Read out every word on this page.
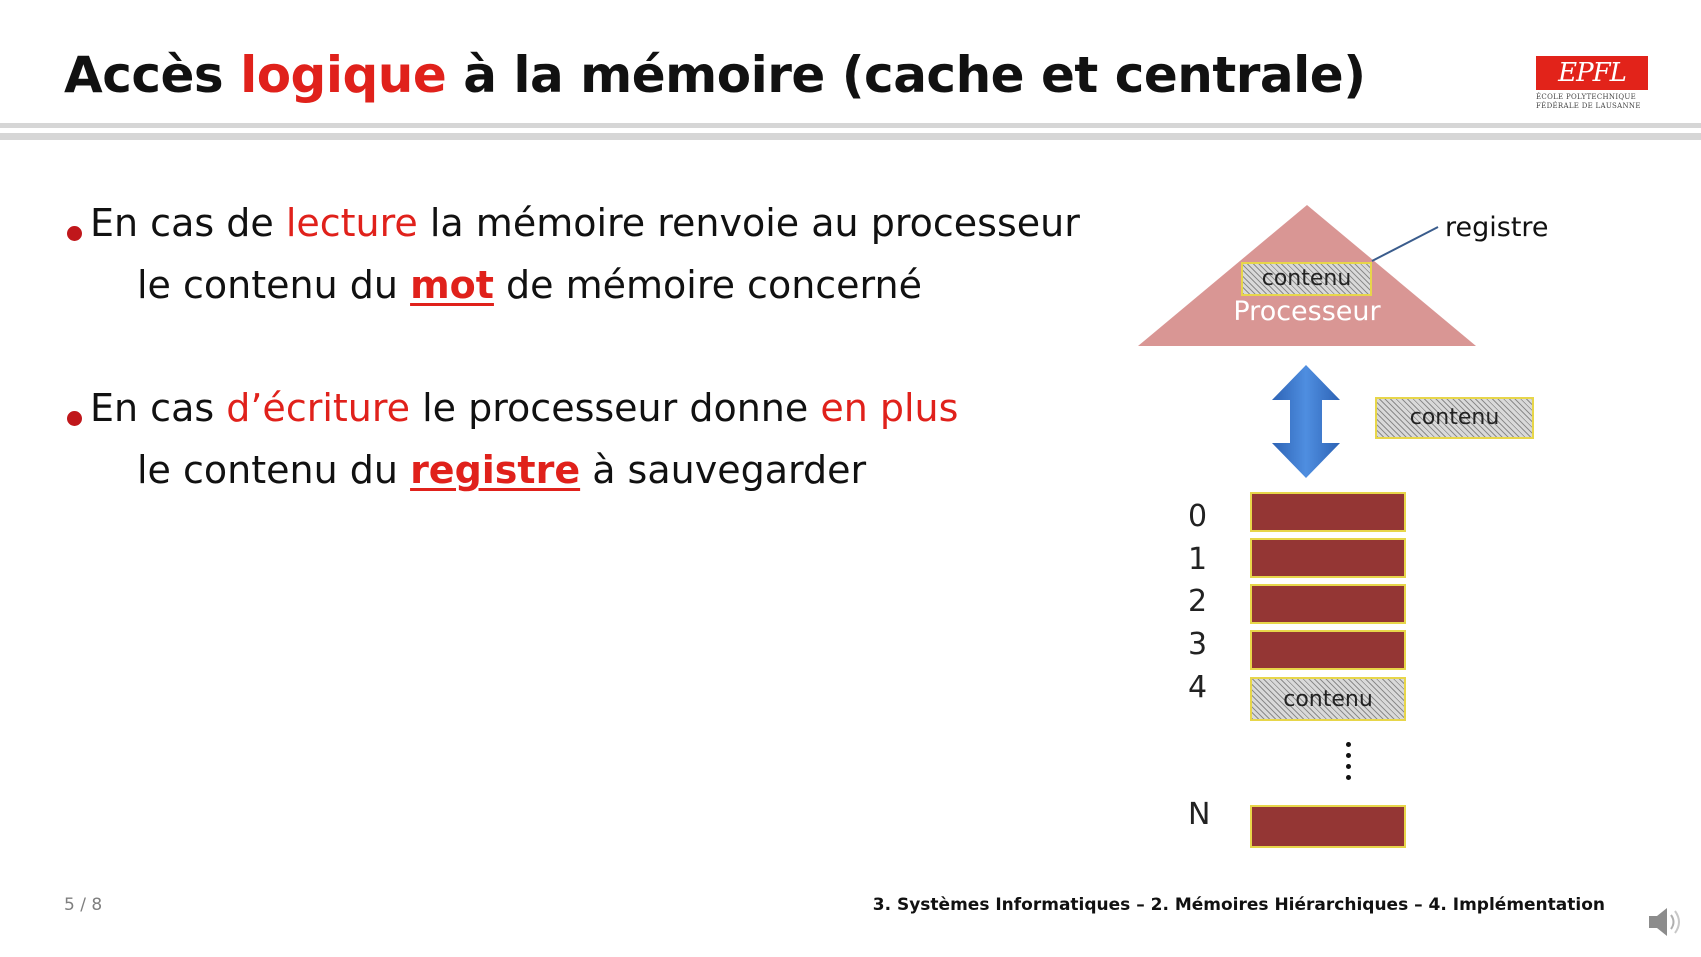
Accès logique à la mémoire (cache et centrale)	EPFL
ÉCOLE POLYTECHNIQUE
FÉDÉRALE DE LAUSANNE
En cas de lecture la mémoire renvoie au processeur
le contenu du mot de mémoire concerné
En cas d’écriture le processeur donne en plus
le contenu du registre à sauvegarder
contenu
Processeur
registre
contenu
0
1
2
3
4
N
contenu
5 / 8	3. Systèmes Informatiques – 2. Mémoires Hiérarchiques – 4. Implémentation
